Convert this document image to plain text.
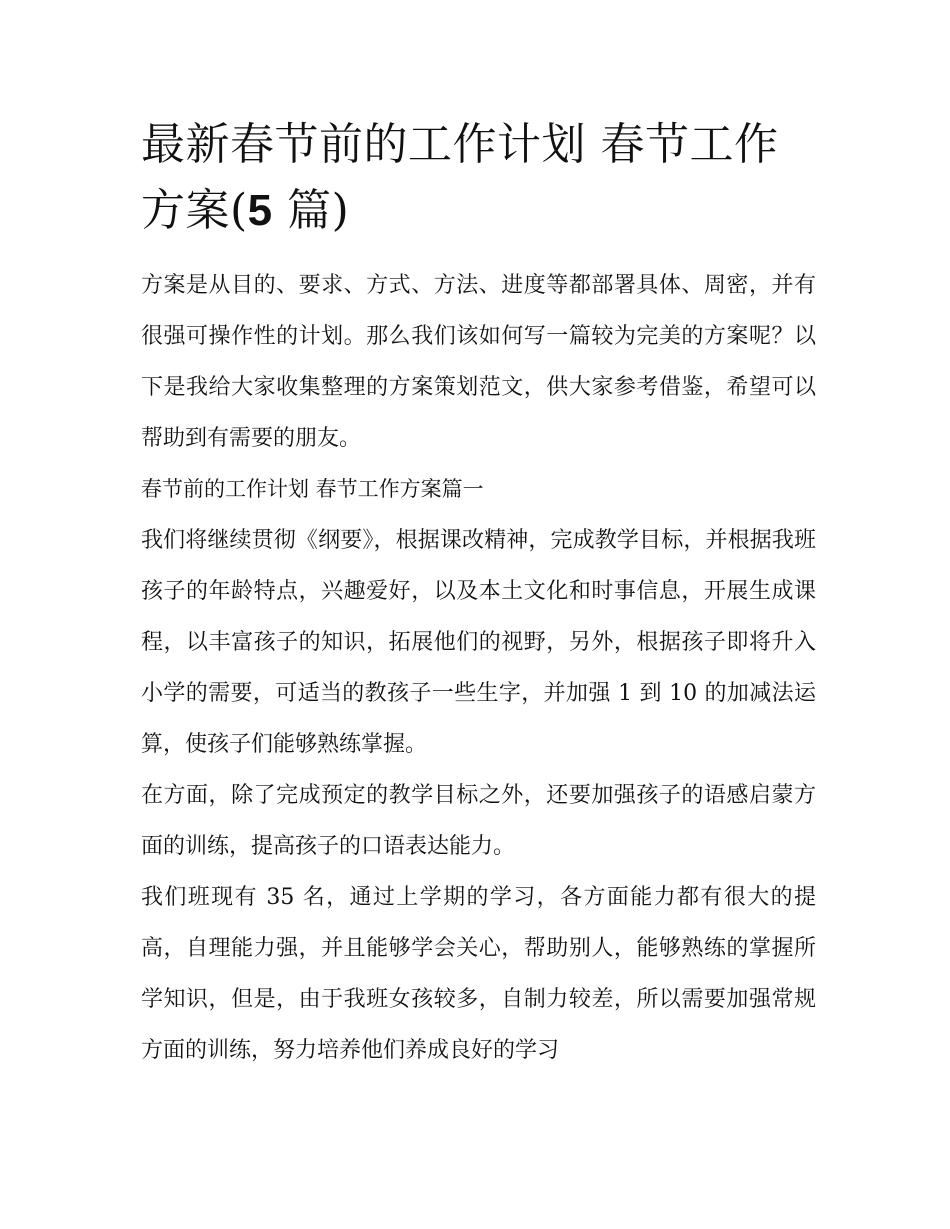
最新春节前的工作计划 春节工作方案(5 篇)

方案是从目的、要求、方式、方法、进度等都部署具体、周密，并有很强可操作性的计划。那么我们该如何写一篇较为完美的方案呢？以下是我给大家收集整理的方案策划范文，供大家参考借鉴，希望可以帮助到有需要的朋友。

春节前的工作计划 春节工作方案篇一

我们将继续贯彻《纲要》，根据课改精神，完成教学目标，并根据我班孩子的年龄特点，兴趣爱好，以及本土文化和时事信息，开展生成课程，以丰富孩子的知识，拓展他们的视野，另外，根据孩子即将升入小学的需要，可适当的教孩子一些生字，并加强 1 到 10 的加减法运算，使孩子们能够熟练掌握。

在方面，除了完成预定的教学目标之外，还要加强孩子的语感启蒙方面的训练，提高孩子的口语表达能力。

我们班现有 35 名，通过上学期的学习，各方面能力都有很大的提高，自理能力强，并且能够学会关心，帮助别人，能够熟练的掌握所学知识，但是，由于我班女孩较多，自制力较差，所以需要加强常规方面的训练，努力培养他们养成良好的学习
